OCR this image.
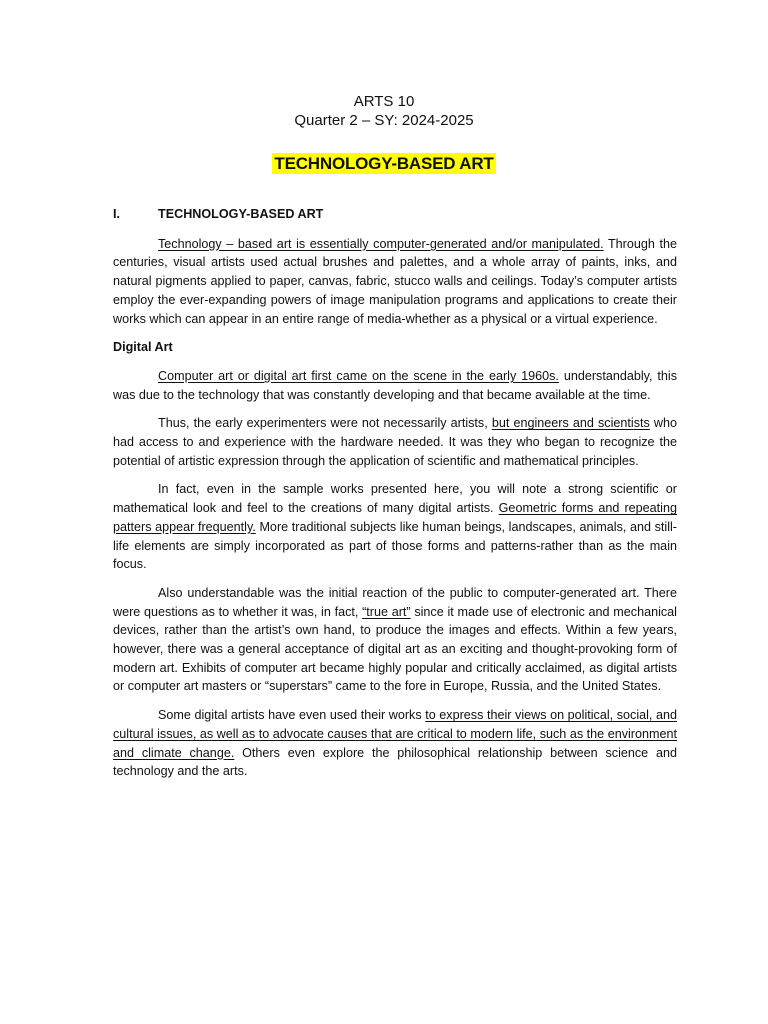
ARTS 10
Quarter 2 – SY: 2024-2025
TECHNOLOGY-BASED ART
I.	TECHNOLOGY-BASED ART

Technology – based art is essentially computer-generated and/or manipulated. Through the centuries, visual artists used actual brushes and palettes, and a whole array of paints, inks, and natural pigments applied to paper, canvas, fabric, stucco walls and ceilings. Today’s computer artists employ the ever-expanding powers of image manipulation programs and applications to create their works which can appear in an entire range of media-whether as a physical or a virtual experience.

Digital Art

Computer art or digital art first came on the scene in the early 1960s. understandably, this was due to the technology that was constantly developing and that became available at the time.

Thus, the early experimenters were not necessarily artists, but engineers and scientists who had access to and experience with the hardware needed. It was they who began to recognize the potential of artistic expression through the application of scientific and mathematical principles.

In fact, even in the sample works presented here, you will note a strong scientific or mathematical look and feel to the creations of many digital artists. Geometric forms and repeating patters appear frequently. More traditional subjects like human beings, landscapes, animals, and still-life elements are simply incorporated as part of those forms and patterns-rather than as the main focus.

Also understandable was the initial reaction of the public to computer-generated art. There were questions as to whether it was, in fact, “true art” since it made use of electronic and mechanical devices, rather than the artist’s own hand, to produce the images and effects. Within a few years, however, there was a general acceptance of digital art as an exciting and thought-provoking form of modern art. Exhibits of computer art became highly popular and critically acclaimed, as digital artists or computer art masters or “superstars” came to the fore in Europe, Russia, and the United States.

Some digital artists have even used their works to express their views on political, social, and cultural issues, as well as to advocate causes that are critical to modern life, such as the environment and climate change. Others even explore the philosophical relationship between science and technology and the arts.
